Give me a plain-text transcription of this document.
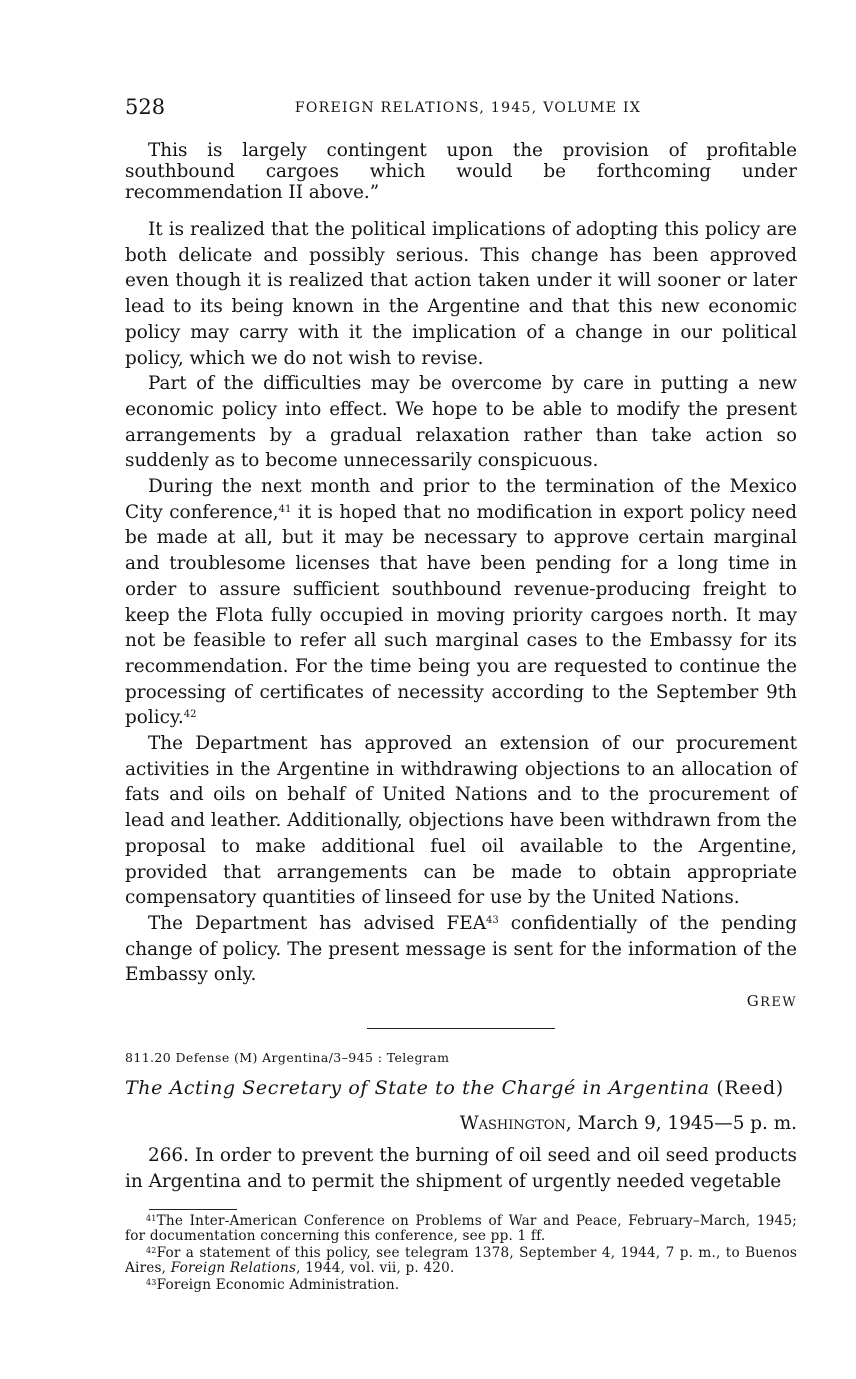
528	FOREIGN RELATIONS, 1945, VOLUME IX

This is largely contingent upon the provision of profitable southbound cargoes which would be forthcoming under recommendation II above.”

It is realized that the political implications of adopting this policy are both delicate and possibly serious. This change has been approved even though it is realized that action taken under it will sooner or later lead to its being known in the Argentine and that this new economic policy may carry with it the implication of a change in our political policy, which we do not wish to revise.

Part of the difficulties may be overcome by care in putting a new economic policy into effect. We hope to be able to modify the present arrangements by a gradual relaxation rather than take action so suddenly as to become unnecessarily conspicuous.

During the next month and prior to the termination of the Mexico City conference,$^{41}$ it is hoped that no modification in export policy need be made at all, but it may be necessary to approve certain marginal and troublesome licenses that have been pending for a long time in order to assure sufficient southbound revenue-producing freight to keep the Flota fully occupied in moving priority cargoes north. It may not be feasible to refer all such marginal cases to the Embassy for its recommendation. For the time being you are requested to continue the processing of certificates of necessity according to the September 9th policy.$^{42}$

The Department has approved an extension of our procurement activities in the Argentine in withdrawing objections to an allocation of fats and oils on behalf of United Nations and to the procurement of lead and leather. Additionally, objections have been withdrawn from the proposal to make additional fuel oil available to the Argentine, provided that arrangements can be made to obtain appropriate compensatory quantities of linseed for use by the United Nations.

The Department has advised FEA$^{43}$ confidentially of the pending change of policy. The present message is sent for the information of the Embassy only.

GREW
811.20 Defense (M) Argentina/3–945 : Telegram
The Acting Secretary of State to the Chargé in Argentina (Reed)
WASHINGTON, March 9, 1945—5 p. m.

266. In order to prevent the burning of oil seed and oil seed products in Argentina and to permit the shipment of urgently needed vegetable

$^{41}$The Inter-American Conference on Problems of War and Peace, February–March, 1945; for documentation concerning this conference, see pp. 1 ff.

$^{42}$For a statement of this policy, see telegram 1378, September 4, 1944, 7 p. m., to Buenos Aires, Foreign Relations, 1944, vol. vii, p. 420.

$^{43}$Foreign Economic Administration.
